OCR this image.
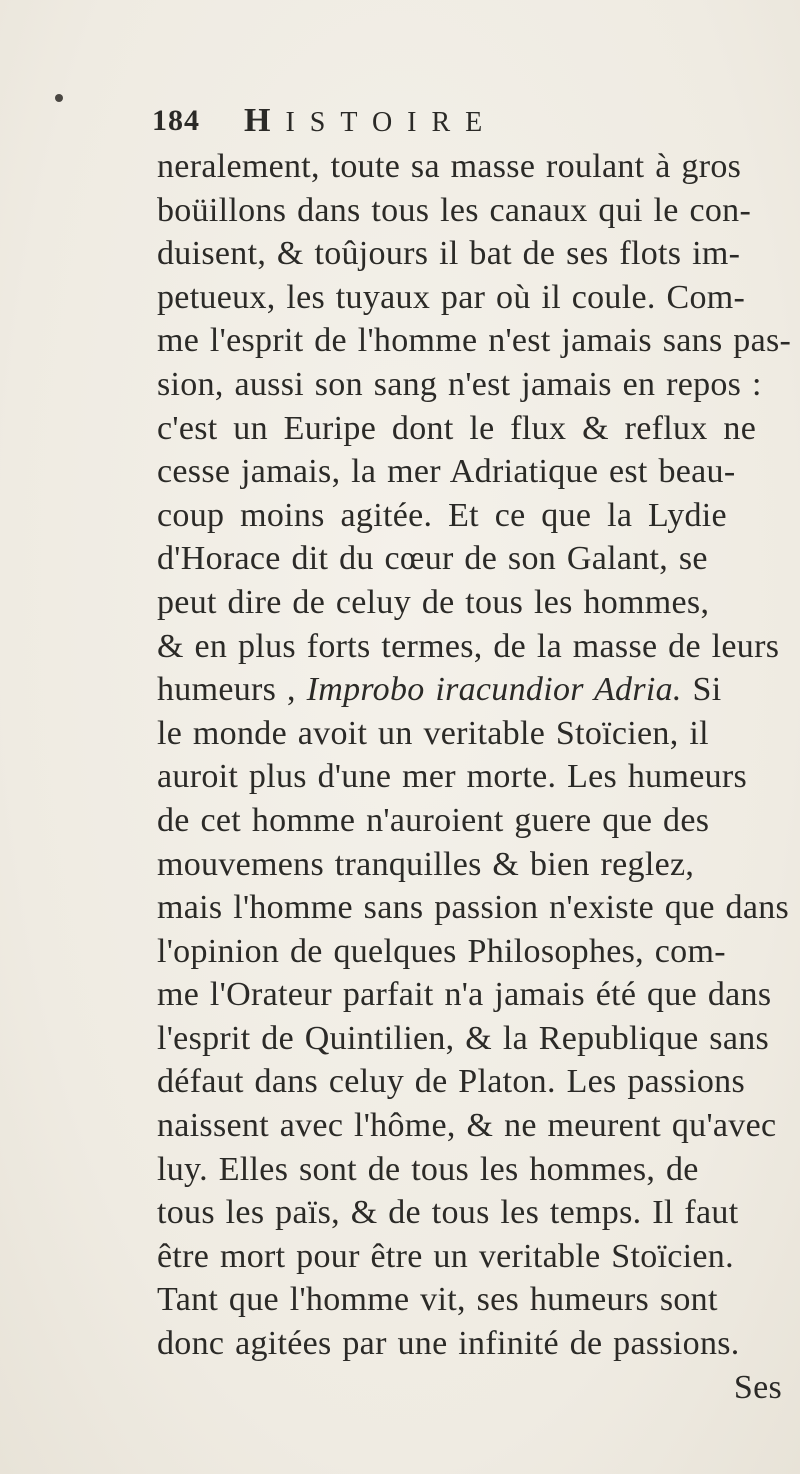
184 HISTOIRE
neralement, toute sa masse roulant à gros
boüillons dans tous les canaux qui le con-
duisent, & toûjours il bat de ses flots im-
petueux, les tuyaux par où il coule. Com-
me l'esprit de l'homme n'est jamais sans pas-
sion, aussi son sang n'est jamais en repos :
c'est un Euripe dont le flux & reflux ne
cesse jamais, la mer Adriatique est beau-
coup moins agitée. Et ce que la Lydie
d'Horace dit du cœur de son Galant, se
peut dire de celuy de tous les hommes,
& en plus forts termes, de la masse de leurs
humeurs , Improbo iracundior Adria. Si
le monde avoit un veritable Stoïcien, il
auroit plus d'une mer morte. Les humeurs
de cet homme n'auroient guere que des
mouvemens tranquilles & bien reglez,
mais l'homme sans passion n'existe que dans
l'opinion de quelques Philosophes, com-
me l'Orateur parfait n'a jamais été que dans
l'esprit de Quintilien, & la Republique sans
défaut dans celuy de Platon. Les passions
naissent avec l'hôme, & ne meurent qu'avec
luy. Elles sont de tous les hommes, de
tous les païs, & de tous les temps. Il faut
être mort pour être un veritable Stoïcien.
Tant que l'homme vit, ses humeurs sont
donc agitées par une infinité de passions.
Ses
